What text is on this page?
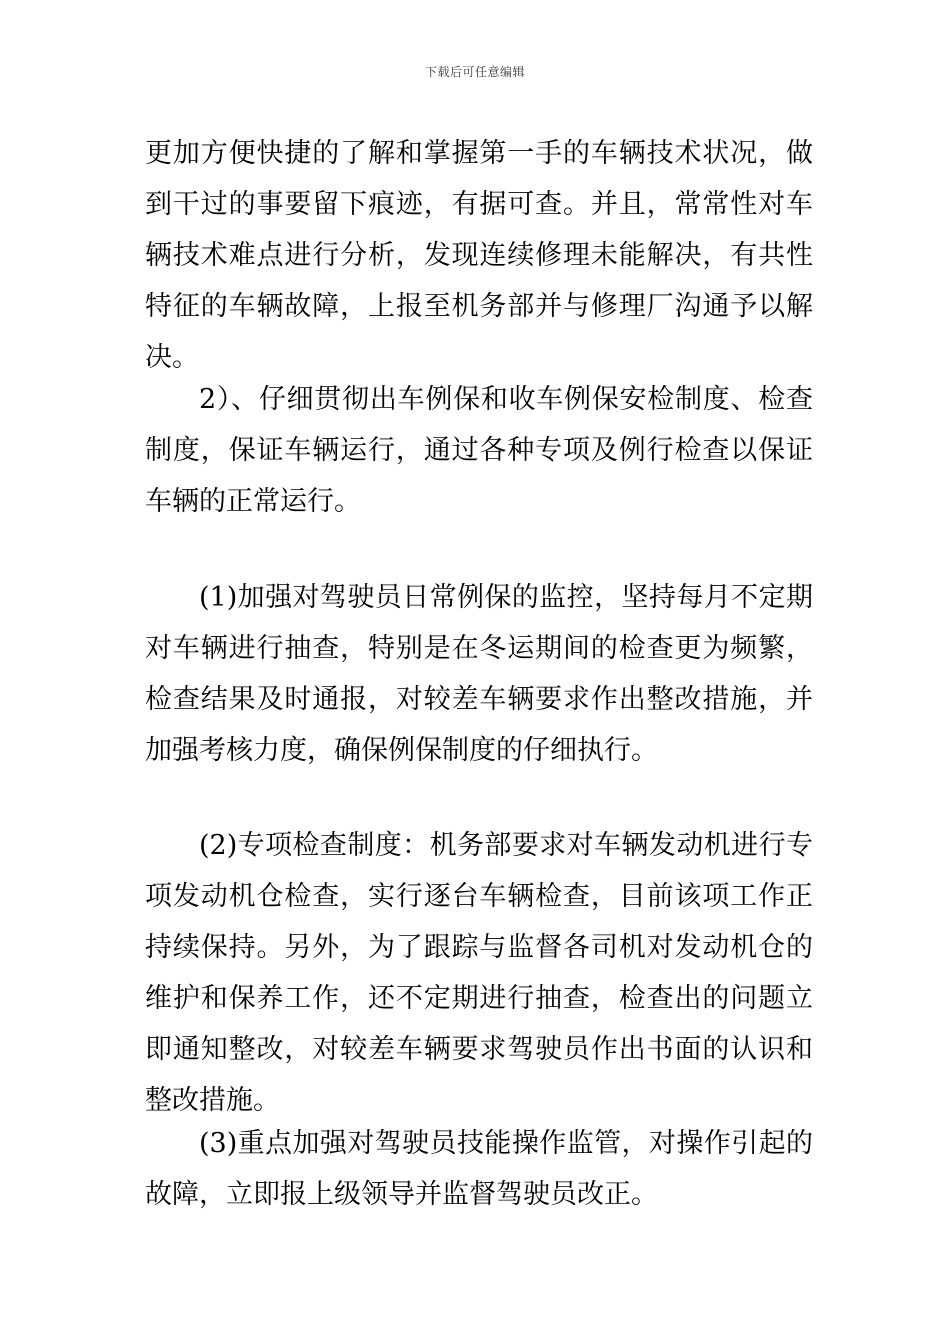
下载后可任意编辑

更加方便快捷的了解和掌握第一手的车辆技术状况，做到干过的事要留下痕迹，有据可查。并且，常常性对车辆技术难点进行分析，发现连续修理未能解决，有共性特征的车辆故障，上报至机务部并与修理厂沟通予以解决。

2）、仔细贯彻出车例保和收车例保安检制度、检查制度，保证车辆运行，通过各种专项及例行检查以保证车辆的正常运行。

(1)加强对驾驶员日常例保的监控，坚持每月不定期对车辆进行抽查，特别是在冬运期间的检查更为频繁，检查结果及时通报，对较差车辆要求作出整改措施，并加强考核力度，确保例保制度的仔细执行。

(2)专项检查制度：机务部要求对车辆发动机进行专项发动机仓检查，实行逐台车辆检查，目前该项工作正持续保持。另外，为了跟踪与监督各司机对发动机仓的维护和保养工作，还不定期进行抽查，检查出的问题立即通知整改，对较差车辆要求驾驶员作出书面的认识和整改措施。

(3)重点加强对驾驶员技能操作监管，对操作引起的故障，立即报上级领导并监督驾驶员改正。
